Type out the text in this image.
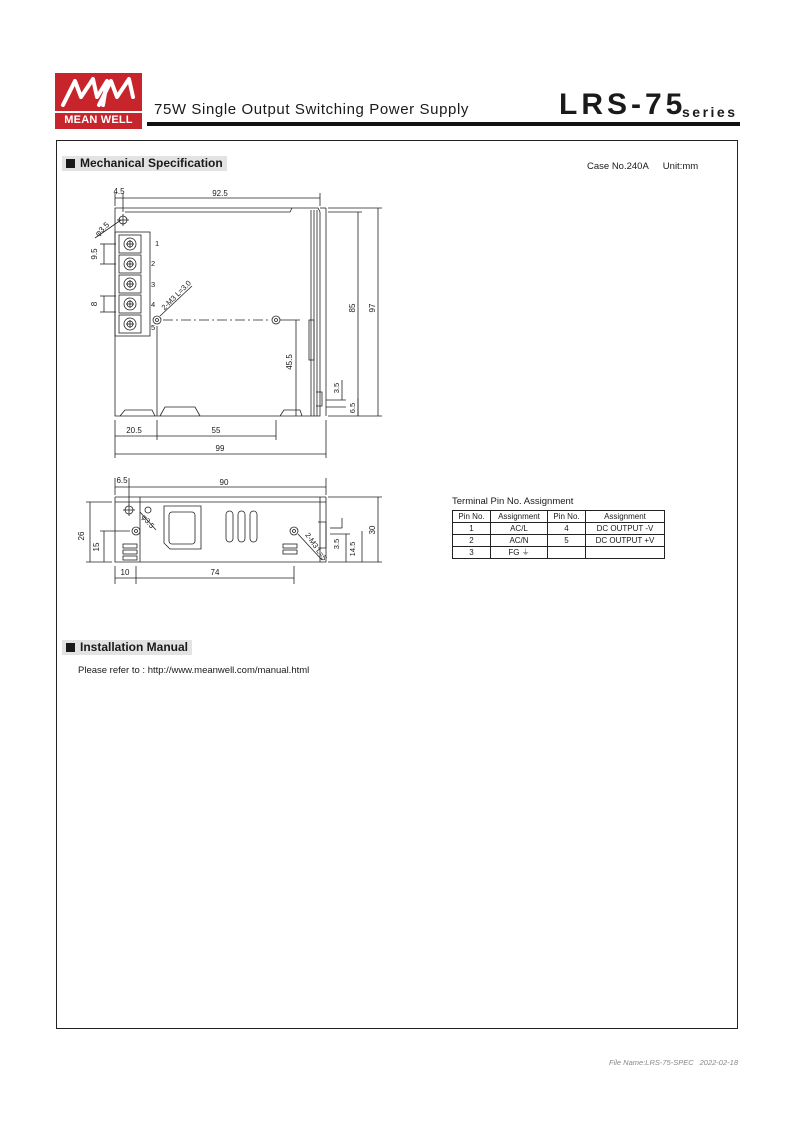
MEAN WELL
75W Single Output Switching Power Supply	LRS-75
series
Mechanical Specification	Case No.240A Unit:mm
4.5	92.5
φ3.5
9.5
8	2-M3 L=3.0
1
2
3
4
5
85 97
45.5
3.5
6.5
20.5	55
99
6.5	90
φ3.5
26
15	2-M3 L=5 3.5 14.5
30
10	74
Terminal Pin No. Assignment
Pin No.	Assignment	Pin No.	Assignment
1	AC/L	4	DC OUTPUT -V
2	AC/N	5	DC OUTPUT +V
3	FG ⏚		
Installation Manual
Please refer to : http://www.meanwell.com/manual.html
File Name:LRS-75-SPEC 2022-02-18
